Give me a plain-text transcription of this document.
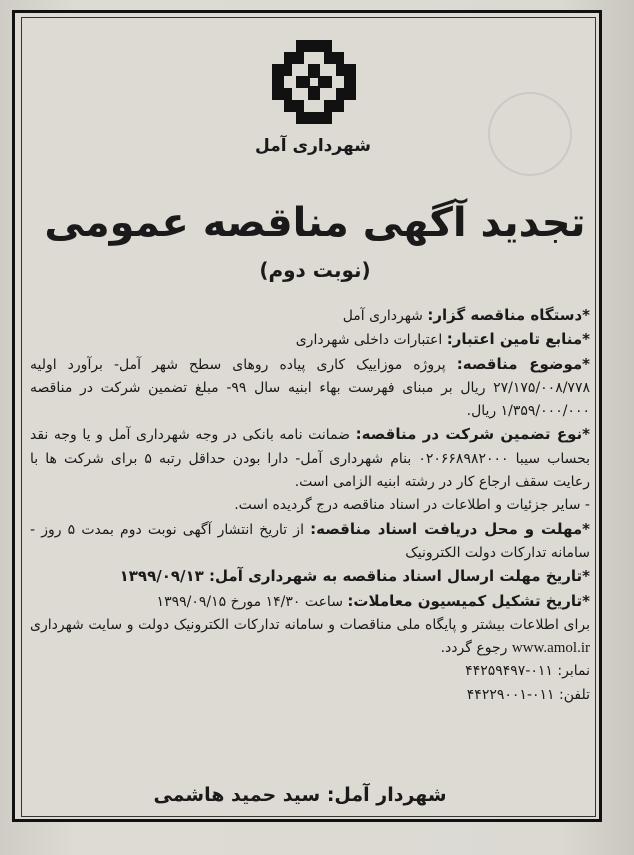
شهرداری آمل
تجدید آگهی مناقصه عمومی
(نوبت دوم)

*دستگاه مناقصه گزار: شهرداری آمل

*منابع تامین اعتبار: اعتبارات داخلی شهرداری

*موضوع مناقصه: پروژه موزاییک کاری پیاده روهای سطح شهر آمل- برآورد اولیه ۲۷/۱۷۵/۰۰۸/۷۷۸ ریال بر مبنای فهرست بهاء ابنیه سال ۹۹- مبلغ تضمین شرکت در مناقصه ۱/۳۵۹/۰۰۰/۰۰۰ ریال.

*نوع تضمین شرکت در مناقصه: ضمانت نامه بانکی در وجه شهرداری آمل و یا وجه نقد بحساب سیبا ۰۲۰۶۶۸۹۸۲۰۰۰ بنام شهرداری آمل- دارا بودن حداقل رتبه ۵ برای شرکت ها با رعایت سقف ارجاع کار در رشته ابنیه الزامی است.

- سایر جزئیات و اطلاعات در اسناد مناقصه درج گردیده است.

*مهلت و محل دریافت اسناد مناقصه: از تاریخ انتشار آگهی نوبت دوم بمدت ۵ روز - سامانه تدارکات دولت الکترونیک

*تاریخ مهلت ارسال اسناد مناقصه به شهرداری آمل: ۱۳۹۹/۰۹/۱۳

*تاریخ تشکیل کمیسیون معاملات: ساعت ۱۴/۳۰ مورخ ۱۳۹۹/۰۹/۱۵

برای اطلاعات بیشتر و پایگاه ملی مناقصات و سامانه تدارکات الکترونیک دولت و سایت شهرداری www.amol.ir رجوع گردد.

نمابر: ۰۱۱-۴۴۲۵۹۴۹۷

تلفن: ۰۱۱-۴۴۲۲۹۰۰۱

شهردار آمل: سید حمید هاشمی
